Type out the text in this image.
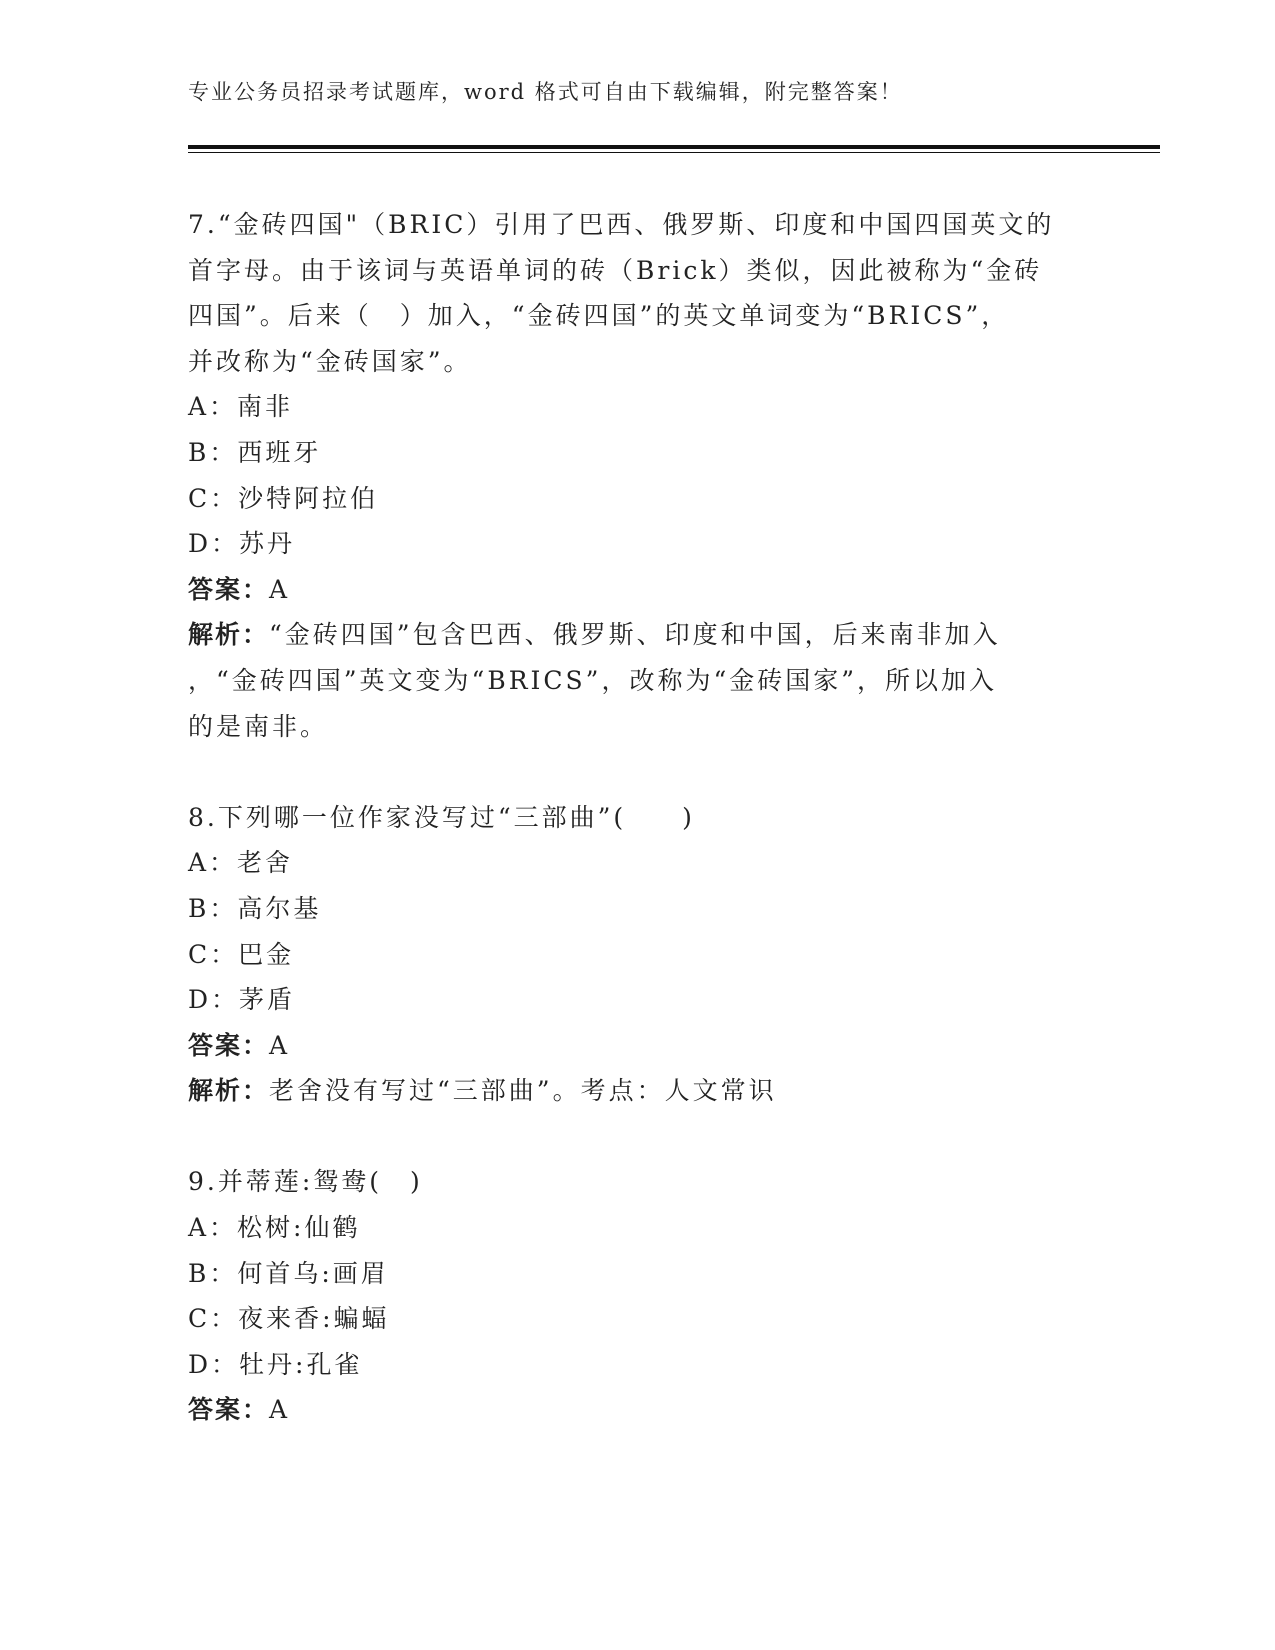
专业公务员招录考试题库，word 格式可自由下载编辑，附完整答案！
7.“金砖四国"（BRIC）引用了巴西、俄罗斯、印度和中国四国英文的
首字母。由于该词与英语单词的砖（Brick）类似，因此被称为“金砖
四国”。后来（　）加入，“金砖四国”的英文单词变为“BRICS”，
并改称为“金砖国家”。
A：南非
B：西班牙
C：沙特阿拉伯
D：苏丹
答案：A
解析：“金砖四国”包含巴西、俄罗斯、印度和中国，后来南非加入
，“金砖四国”英文变为“BRICS”，改称为“金砖国家”，所以加入
的是南非。
8.下列哪一位作家没写过“三部曲”(　　)
A：老舍
B：高尔基
C：巴金
D：茅盾
答案：A
解析：老舍没有写过“三部曲”。考点：人文常识
9.并蒂莲:鸳鸯(　)
A：松树:仙鹤
B：何首乌:画眉
C：夜来香:蝙蝠
D：牡丹:孔雀
答案：A
